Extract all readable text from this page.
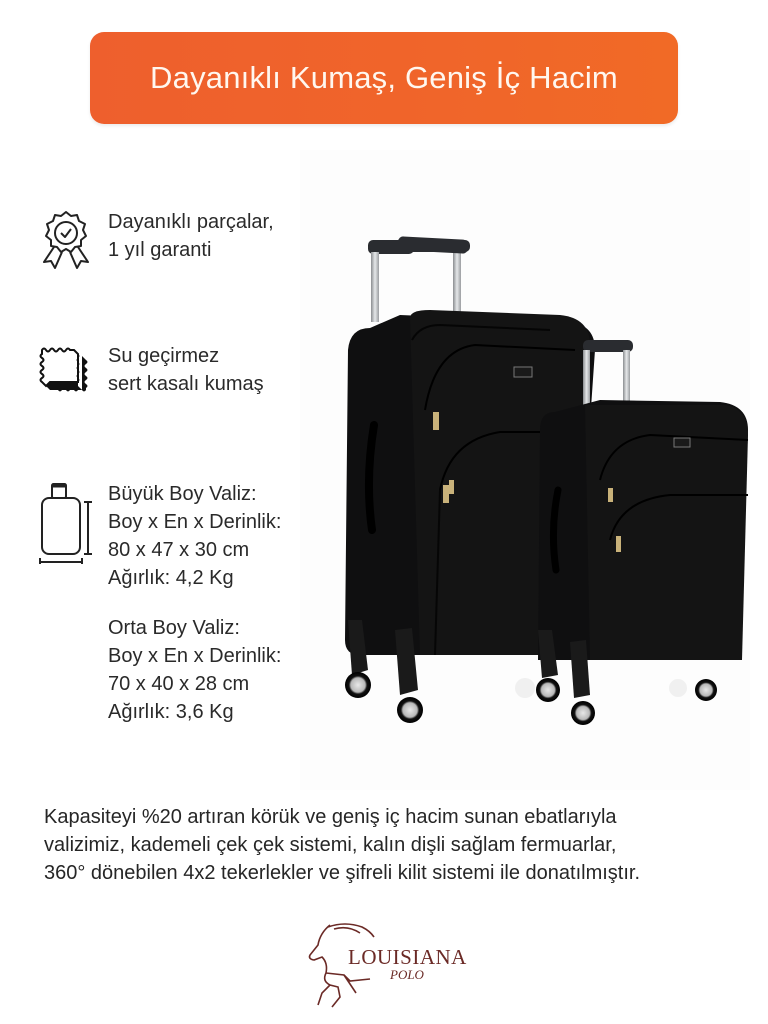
Dayanıklı Kumaş, Geniş İç Hacim
Dayanıklı parçalar,
1 yıl garanti
Su geçirmez
sert kasalı kumaş
Büyük Boy Valiz:
Boy x En x Derinlik:
80 x 47 x 30 cm
Ağırlık: 4,2 Kg
Orta Boy Valiz:
Boy x En x Derinlik:
70 x 40 x 28 cm
Ağırlık: 3,6 Kg
Kapasiteyi %20 artıran körük ve geniş iç hacim sunan ebatlarıyla
valizimiz, kademeli çek çek sistemi, kalın dişli sağlam fermuarlar,
360° dönebilen 4x2 tekerlekler ve şifreli kilit sistemi ile donatılmıştır.
LOUISIANA
POLO
